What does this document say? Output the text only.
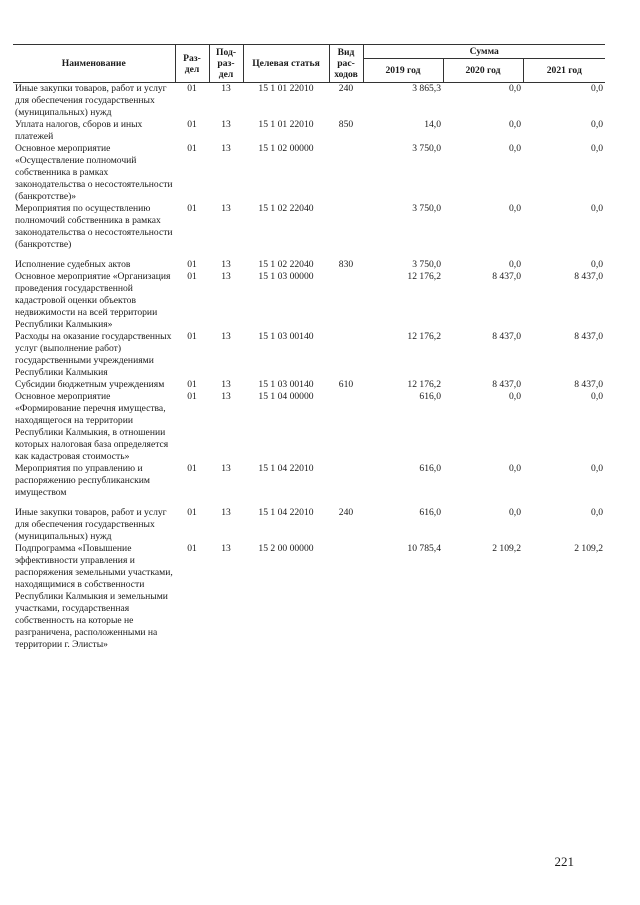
Наименование	Раз-дел	Под-раз-дел	Целевая статья	Вид рас-ходов	Сумма		
					2019 год	2020 год	2021 год
Иные закупки товаров, работ и услуг для обеспечения государственных (муниципальных) нужд	01	13	15 1 01 22010	240	3 865,3	0,0	0,0
Уплата налогов, сборов и иных платежей	01	13	15 1 01 22010	850	14,0	0,0	0,0
Основное мероприятие «Осуществление полномочий собственника в рамках законодательства о несостоятельности (банкротстве)»	01	13	15 1 02 00000		3 750,0	0,0	0,0
Мероприятия по осуществлению полномочий собственника в рамках законодательства о несостоятельности (банкротстве)	01	13	15 1 02 22040		3 750,0	0,0	0,0

Исполнение судебных актов	01	13	15 1 02 22040	830	3 750,0	0,0	0,0
Основное мероприятие «Организация проведения государственной кадастровой оценки объектов недвижимости на всей территории Республики Калмыкия»	01	13	15 1 03 00000		12 176,2	8 437,0	8 437,0
Расходы на оказание государственных услуг (выполнение работ) государственными учреждениями Республики Калмыкия	01	13	15 1 03 00140		12 176,2	8 437,0	8 437,0
Субсидии бюджетным учреждениям	01	13	15 1 03 00140	610	12 176,2	8 437,0	8 437,0
Основное мероприятие «Формирование перечня имущества, находящегося на территории Республики Калмыкия, в отношении которых налоговая база определяется как кадастровая стоимость»	01	13	15 1 04 00000		616,0	0,0	0,0
Мероприятия по управлению и распоряжению республиканским имуществом	01	13	15 1 04 22010		616,0	0,0	0,0

Иные закупки товаров, работ и услуг для обеспечения государственных (муниципальных) нужд	01	13	15 1 04 22010	240	616,0	0,0	0,0
Подпрограмма «Повышение эффективности управления и распоряжения земельными участками, находящимися в собственности Республики Калмыкия и земельными участками, государственная собственность на которые не разграничена, расположенными на территории г. Элисты»	01	13	15 2 00 00000		10 785,4	2 109,2	2 109,2
221
